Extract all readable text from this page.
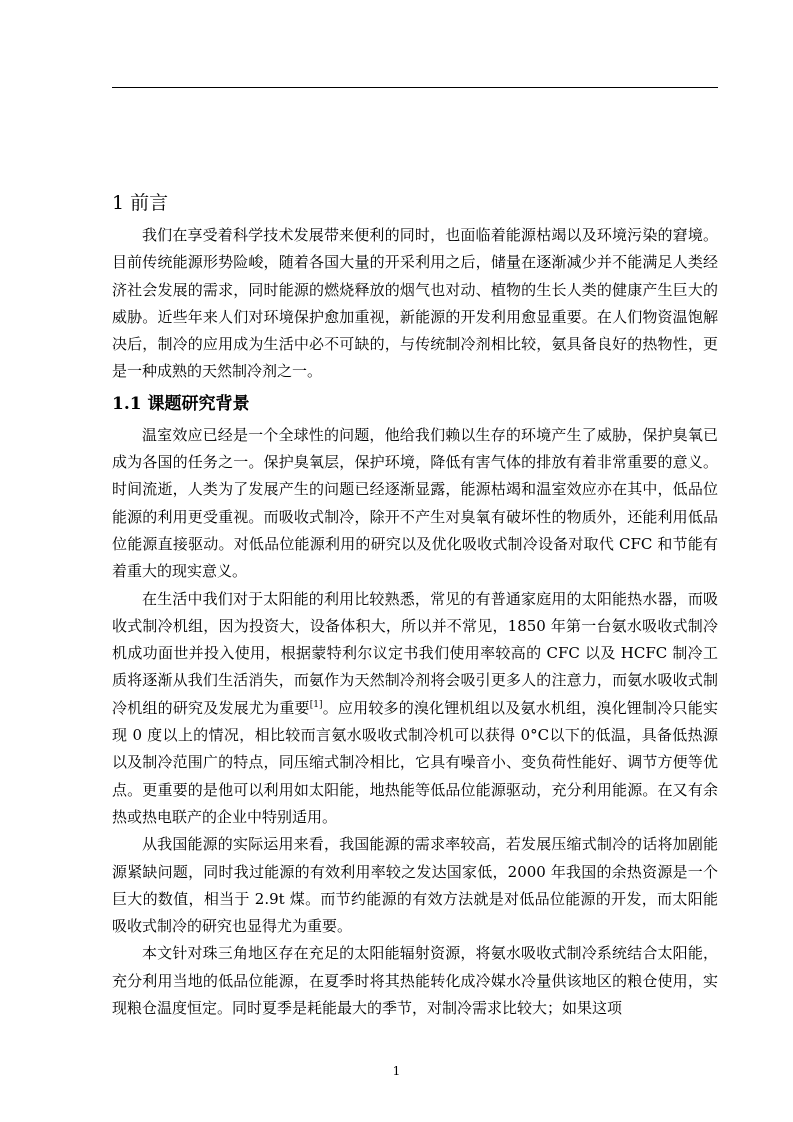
1 前言

我们在享受着科学技术发展带来便利的同时，也面临着能源枯竭以及环境污染的窘境。目前传统能源形势险峻，随着各国大量的开采利用之后，储量在逐渐减少并不能满足人类经济社会发展的需求，同时能源的燃烧释放的烟气也对动、植物的生长人类的健康产生巨大的威胁。近些年来人们对环境保护愈加重视，新能源的开发利用愈显重要。在人们物资温饱解决后，制冷的应用成为生活中必不可缺的，与传统制冷剂相比较，氨具备良好的热物性，更是一种成熟的天然制冷剂之一。

1.1 课题研究背景

温室效应已经是一个全球性的问题，他给我们赖以生存的环境产生了威胁，保护臭氧已成为各国的任务之一。保护臭氧层，保护环境，降低有害气体的排放有着非常重要的意义。时间流逝，人类为了发展产生的问题已经逐渐显露，能源枯竭和温室效应亦在其中，低品位能源的利用更受重视。而吸收式制冷，除开不产生对臭氧有破坏性的物质外，还能利用低品位能源直接驱动。对低品位能源利用的研究以及优化吸收式制冷设备对取代 CFC 和节能有着重大的现实意义。

在生活中我们对于太阳能的利用比较熟悉，常见的有普通家庭用的太阳能热水器，而吸收式制冷机组，因为投资大，设备体积大，所以并不常见，1850 年第一台氨水吸收式制冷机成功面世并投入使用，根据蒙特利尔议定书我们使用率较高的 CFC 以及 HCFC 制冷工质将逐渐从我们生活消失，而氨作为天然制冷剂将会吸引更多人的注意力，而氨水吸收式制冷机组的研究及发展尤为重要[1]。应用较多的溴化锂机组以及氨水机组，溴化锂制冷只能实现 0 度以上的情况，相比较而言氨水吸收式制冷机可以获得 0°C以下的低温，具备低热源以及制冷范围广的特点，同压缩式制冷相比，它具有噪音小、变负荷性能好、调节方便等优点。更重要的是他可以利用如太阳能，地热能等低品位能源驱动，充分利用能源。在又有余热或热电联产的企业中特别适用。

从我国能源的实际运用来看，我国能源的需求率较高，若发展压缩式制冷的话将加剧能源紧缺问题，同时我过能源的有效利用率较之发达国家低，2000 年我国的余热资源是一个巨大的数值，相当于 2.9t 煤。而节约能源的有效方法就是对低品位能源的开发，而太阳能吸收式制冷的研究也显得尤为重要。

本文针对珠三角地区存在充足的太阳能辐射资源，将氨水吸收式制冷系统结合太阳能，充分利用当地的低品位能源，在夏季时将其热能转化成冷媒水冷量供该地区的粮仓使用，实现粮仓温度恒定。同时夏季是耗能最大的季节，对制冷需求比较大；如果这项

1
